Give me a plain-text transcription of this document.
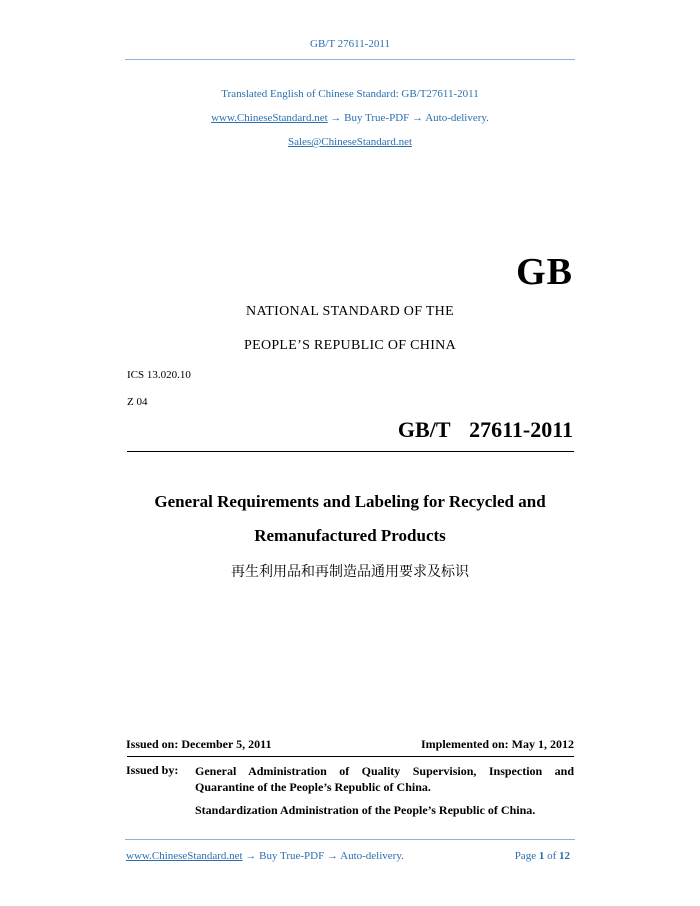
GB/T 27611-2011
Translated English of Chinese Standard: GB/T27611-2011
www.ChineseStandard.net → Buy True-PDF → Auto-delivery.
Sales@ChineseStandard.net
GB
NATIONAL STANDARD OF THE
PEOPLE’S REPUBLIC OF CHINA
ICS 13.020.10
Z 04
GB/T  27611-2011
General Requirements and Labeling for Recycled and
Remanufactured Products
再生利用品和再制造品通用要求及标识
Issued on: December 5, 2011	Implemented on: May 1, 2012
Issued by: General Administration of Quality Supervision, Inspection and Quarantine of the People’s Republic of China.
Standardization Administration of the People’s Republic of China.
www.ChineseStandard.net → Buy True-PDF → Auto-delivery.	Page 1 of 12
